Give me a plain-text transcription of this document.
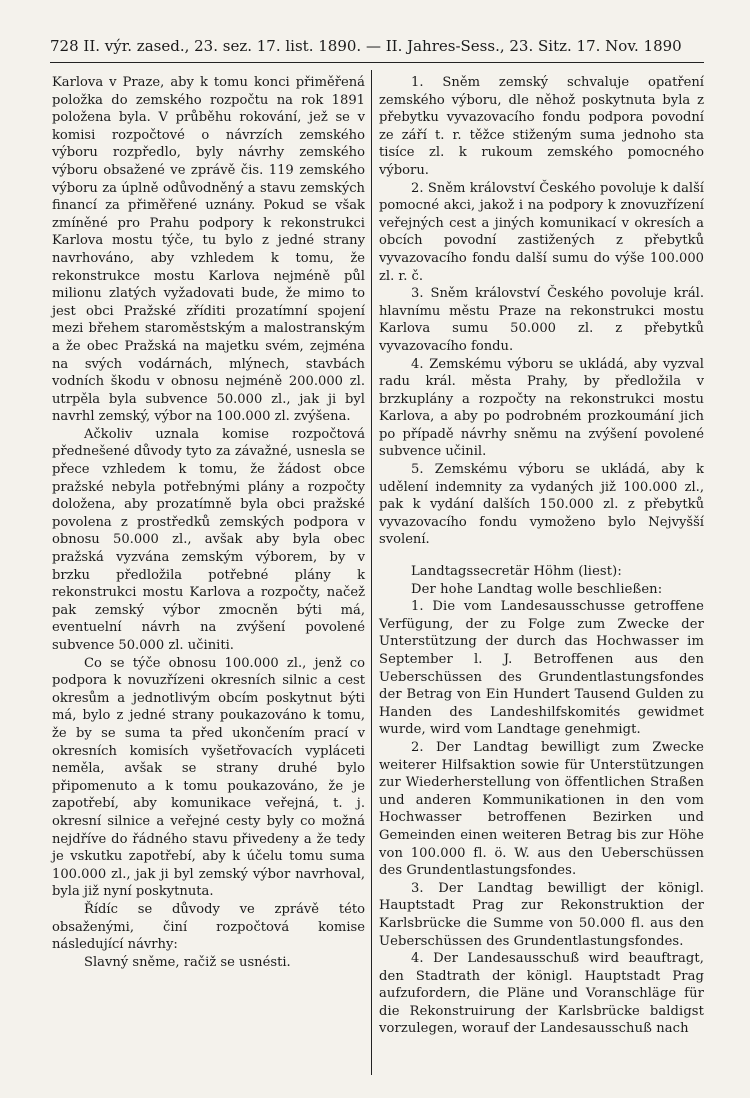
728 II. výr. zased., 23. sez. 17. list. 1890. — II. Jahres-Sess., 23. Sitz. 17. Nov. 1890

Karlova v Praze, aby k tomu konci přiměřená položka do zemského rozpočtu na rok 1891 položena byla. V průběhu rokování, jež se v komisi rozpočtové o návrzích zemského výboru rozpředlo, byly návrhy zemského výboru obsažené ve zprávě čis. 119 zemského výboru za úplně odůvodněný a stavu zemských financí za přiměřené uznány. Pokud se však zmíněné pro Prahu podpory k rekonstrukci Karlova mostu týče, tu bylo z jedné strany navrhováno, aby vzhledem k tomu, že rekonstrukce mostu Karlova nejméně půl milionu zlatých vyžadovati bude, že mimo to jest obci Pražské zříditi prozatímní spojení mezi břehem staroměstským a malostranským a že obec Pražská na majetku svém, zejména na svých vodárnách, mlýnech, stavbách vodních škodu v obnosu nejméně 200.000 zl. utrpěla byla subvence 50.000 zl., jak ji byl navrhl zemský, výbor na 100.000 zl. zvýšena.

Ačkoliv uznala komise rozpočtová přednešené důvody tyto za závažné, usnesla se přece vzhledem k tomu, že žádost obce pražské nebyla potřebnými plány a rozpočty doložena, aby prozatímně byla obci pražské povolena z prostředků zemských podpora v obnosu 50.000 zl., avšak aby byla obec pražská vyzvána zemským výborem, by v brzku předložila potřebné plány k rekonstrukci mostu Karlova a rozpočty, načež pak zemský výbor zmocněn býti má, eventuelní návrh na zvýšení povolené subvence 50.000 zl. učiniti.

Co se týče obnosu 100.000 zl., jenž co podpora k novuzřízeni okresních silnic a cest okresům a jednotlivým obcím poskytnut býti má, bylo z jedné strany poukazováno k tomu, že by se suma ta před ukončením prací v okresních komisích vyšetřovacích vypláceti neměla, avšak se strany druhé bylo připomenuto a k tomu poukazováno, že je zapotřebí, aby komunikace veřejná, t. j. okresní silnice a veřejné cesty byly co možná nejdříve do řádného stavu přivedeny a že tedy je vskutku zapotřebí, aby k účelu tomu suma 100.000 zl., jak ji byl zemský výbor navrhoval, byla již nyní poskytnuta.

Řídíc se důvody ve zprávě této obsaženými, činí rozpočtová komise následující návrhy:

Slavný sněme, račiž se usnésti.

1. Sněm zemský schvaluje opatření zemského výboru, dle něhož poskytnuta byla z přebytku vyvazovacího fondu podpora povodní ze září t. r. těžce stiženým suma jednoho sta tisíce zl. k rukoum zemského pomocného výboru.

2. Sněm království Českého povoluje k další pomocné akci, jakož i na podpory k znovuzřízení veřejných cest a jiných komunikací v okresích a obcích povodní zastižených z přebytků vyvazovacího fondu další sumu do výše 100.000 zl. r. č.

3. Sněm království Českého povoluje král. hlavnímu městu Praze na rekonstrukci mostu Karlova sumu 50.000 zl. z přebytků vyvazovacího fondu.

4. Zemskému výboru se ukládá, aby vyzval radu král. města Prahy, by předložila v brzkuplány a rozpočty na rekonstrukci mostu Karlova, a aby po podrobném prozkoumání jich po případě návrhy sněmu na zvýšení povolené subvence učinil.

5. Zemskému výboru se ukládá, aby k udělení indemnity za vydaných již 100.000 zl., pak k vydání dalších 150.000 zl. z přebytků vyvazovacího fondu vymoženo bylo Nejvyšší svolení.

Landtagssecretär Höhm (liest):

Der hohe Landtag wolle beschließen:

1. Die vom Landesausschusse getroffene Verfügung, der zu Folge zum Zwecke der Unterstützung der durch das Hochwasser im September l. J. Betroffenen aus den Ueberschüssen des Grundentlastungsfondes der Betrag von Ein Hundert Tausend Gulden zu Handen des Landeshilfskomités gewidmet wurde, wird vom Landtage genehmigt.

2. Der Landtag bewilligt zum Zwecke weiterer Hilfsaktion sowie für Unterstützungen zur Wiederherstellung von öffentlichen Straßen und anderen Kommunikationen in den vom Hochwasser betroffenen Bezirken und Gemeinden einen weiteren Betrag bis zur Höhe von 100.000 fl. ö. W. aus den Ueberschüssen des Grundentlastungsfondes.

3. Der Landtag bewilligt der königl. Hauptstadt Prag zur Rekonstruktion der Karlsbrücke die Summe von 50.000 fl. aus den Ueberschüssen des Grundentlastungsfondes.

4. Der Landesausschuß wird beauftragt, den Stadtrath der königl. Hauptstadt Prag aufzufordern, die Pläne und Voranschläge für die Rekonstruirung der Karlsbrücke baldigst vorzulegen, worauf der Landesausschuß nach
